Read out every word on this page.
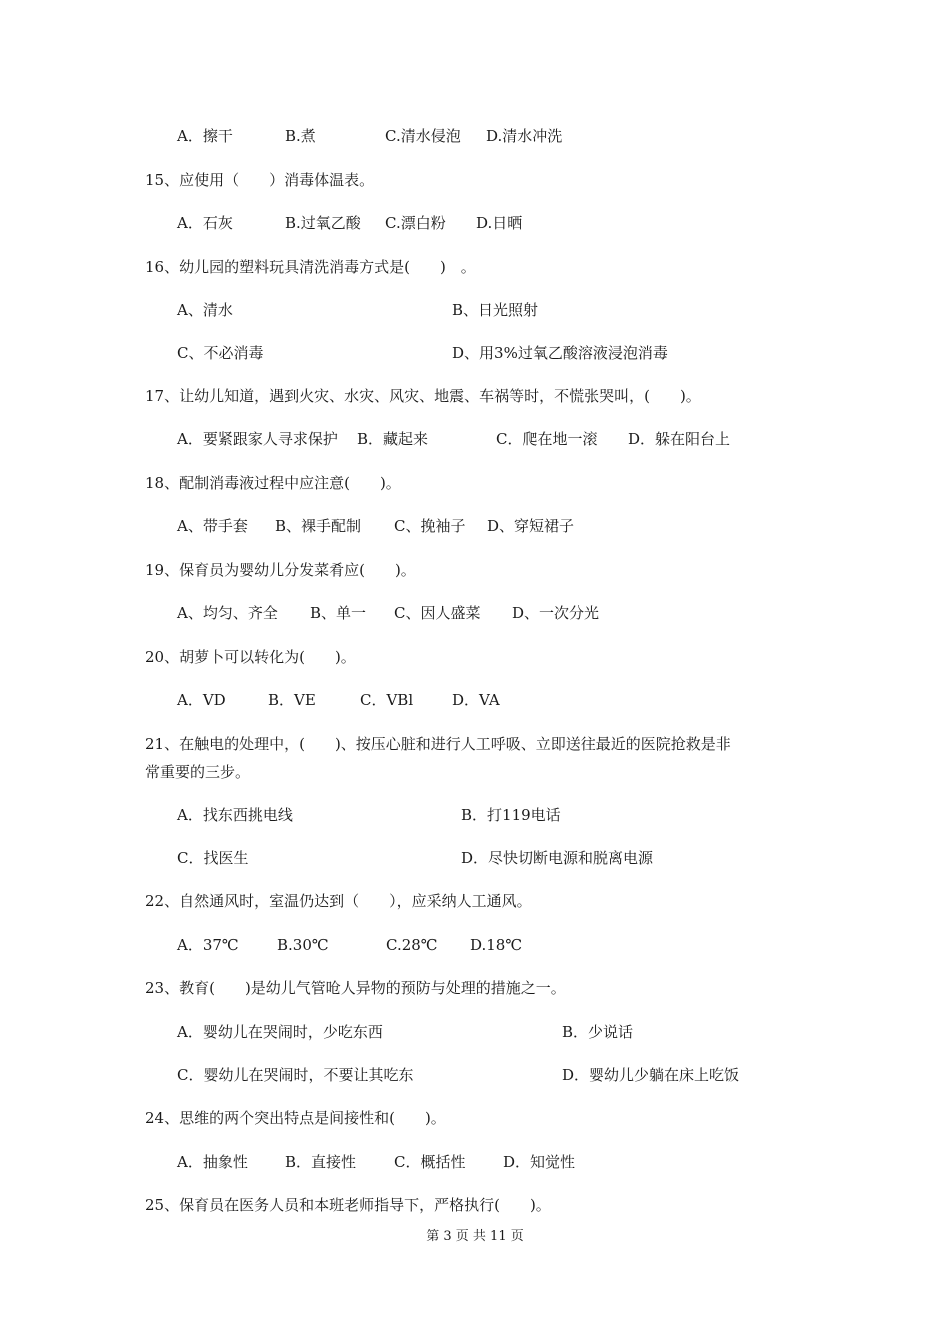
A．擦干	B.煮	C.清水侵泡 D.清水冲洗
15、应使用（　　）消毒体温表。
A．石灰	B.过氧乙酸 C.漂白粉 D.日晒
16、幼儿园的塑料玩具清洗消毒方式是(　　)　。
A、清水	B、日光照射
C、不必消毒	D、用3%过氧乙酸溶液浸泡消毒
17、让幼儿知道，遇到火灾、水灾、风灾、地震、车祸等时，不慌张哭叫，(　　)。
A．要紧跟家人寻求保护 B．藏起来	C．爬在地一滚 D．躲在阳台上
18、配制消毒液过程中应注意(　　)。
A、带手套 B、裸手配制 C、挽袖子 D、穿短裙子
19、保育员为婴幼儿分发菜肴应(　　)。
A、均匀、齐全 B、单一 C、因人盛菜 D、一次分光
20、胡萝卜可以转化为(　　)。
A．VD	B．VE	C．VBl	D．VA
21、在触电的处理中，(　　)、按压心脏和进行人工呼吸、立即送往最近的医院抢救是非
常重要的三步。
A．找东西挑电线	B．打119电话
C．找医生	D．尽快切断电源和脱离电源
22、自然通风时，室温仍达到（　　），应采纳人工通风。
A．37℃	B.30℃	C.28℃ D.18℃
23、教育(　　)是幼儿气管呛人异物的预防与处理的措施之一。
A．婴幼儿在哭闹时，少吃东西	B．少说话
C．婴幼儿在哭闹时，不要让其吃东	D．婴幼儿少躺在床上吃饭
24、思维的两个突出特点是间接性和(　　)。
A．抽象性 B．直接性	C．概括性	D．知觉性
25、保育员在医务人员和本班老师指导下，严格执行(　　)。
第 3 页 共 11 页
